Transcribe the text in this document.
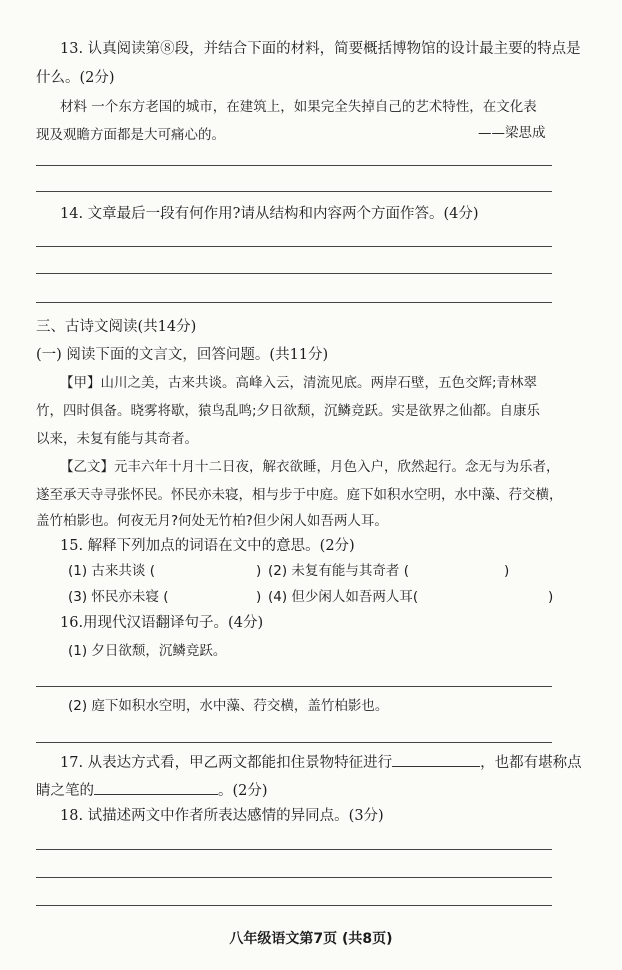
13. 认真阅读第⑧段，并结合下面的材料，简要概括博物馆的设计最主要的特点是
什么。(2分)
材料 一个东方老国的城市，在建筑上，如果完全失掉自己的艺术特性，在文化表
现及观瞻方面都是大可痛心的。	——梁思成
14. 文章最后一段有何作用?请从结构和内容两个方面作答。(4分)
三、古诗文阅读(共14分)
(一) 阅读下面的文言文，回答问题。(共11分)
【甲】山川之美，古来共谈。高峰入云，清流见底。两岸石壁，五色交辉;青林翠
竹，四时俱备。晓雾将歇，猿鸟乱鸣;夕日欲颓，沉鳞竞跃。实是欲界之仙都。自康乐
以来，未复有能与其奇者。
【乙文】元丰六年十月十二日夜，解衣欲睡，月色入户，欣然起行。念无与为乐者，
遂至承天寺寻张怀民。怀民亦未寝，相与步于中庭。庭下如积水空明，水中藻、荇交横，
盖竹柏影也。何夜无月?何处无竹柏?但少闲人如吾两人耳。
15. 解释下列加点的词语在文中的意思。(2分)
(1) 古来共谈 (	) (2) 未复有能与其奇者 (	)
(3) 怀民亦未寝 (	) (4) 但少闲人如吾两人耳(	)
16.用现代汉语翻译句子。(4分)
(1) 夕日欲颓，沉鳞竞跃。
(2) 庭下如积水空明，水中藻、荇交横，盖竹柏影也。
17. 从表达方式看，甲乙两文都能扣住景物特征进行	，也都有堪称点
睛之笔的	。(2分)
18. 试描述两文中作者所表达感情的异同点。(3分)
八年级语文第7页 (共8页)
